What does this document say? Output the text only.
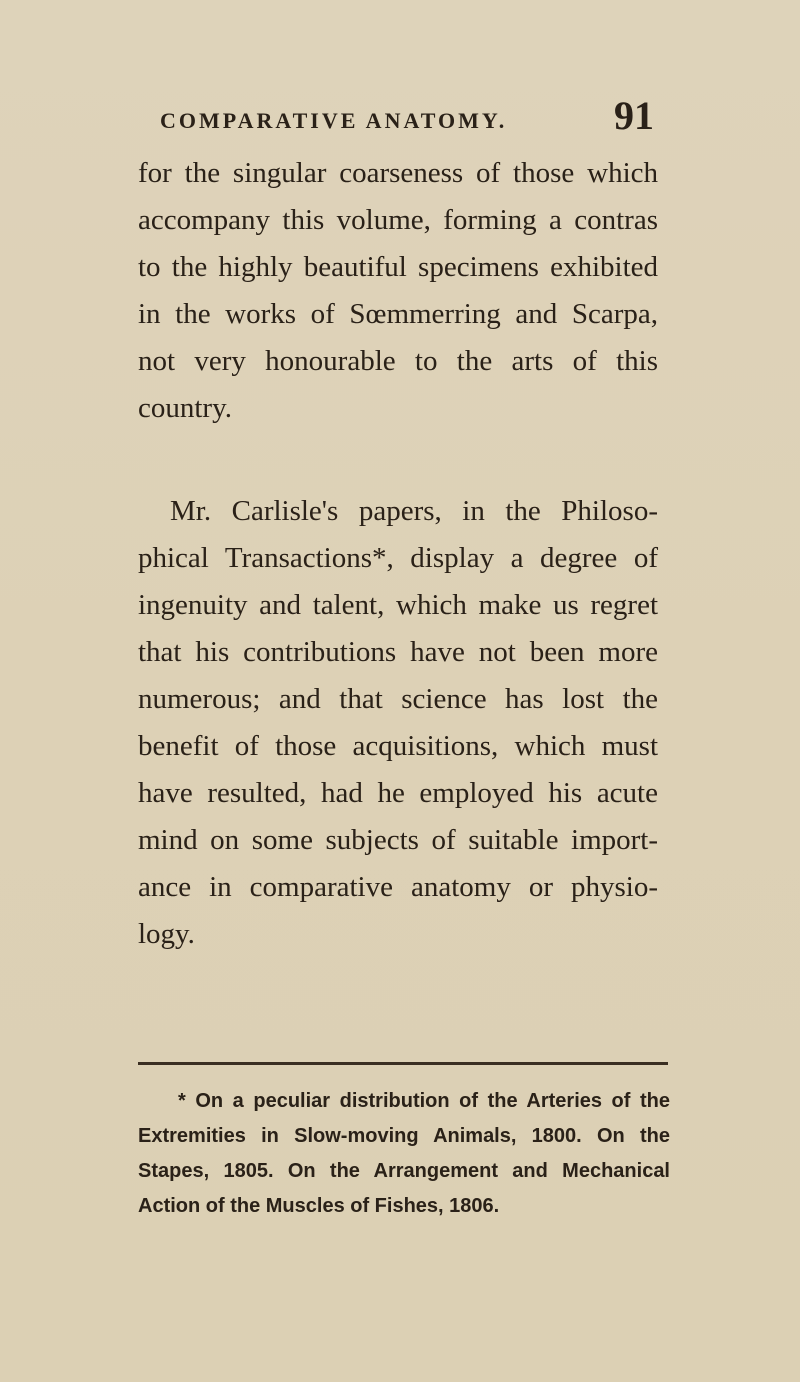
COMPARATIVE ANATOMY.	91
for the singular coarseness of those which
accompany this volume, forming a contras
to the highly beautiful specimens exhibited
in the works of Sœmmerring and Scarpa,
not very honourable to the arts of this
country.
Mr. Carlisle's papers, in the Philoso-
phical Transactions*, display a degree of
ingenuity and talent, which make us regret
that his contributions have not been more
numerous; and that science has lost the
benefit of those acquisitions, which must
have resulted, had he employed his acute
mind on some subjects of suitable import-
ance in comparative anatomy or physio-
logy.
* On a peculiar distribution of the Arteries of the
Extremities in Slow-moving Animals, 1800. On the
Stapes, 1805. On the Arrangement and Mechanical
Action of the Muscles of Fishes, 1806.
